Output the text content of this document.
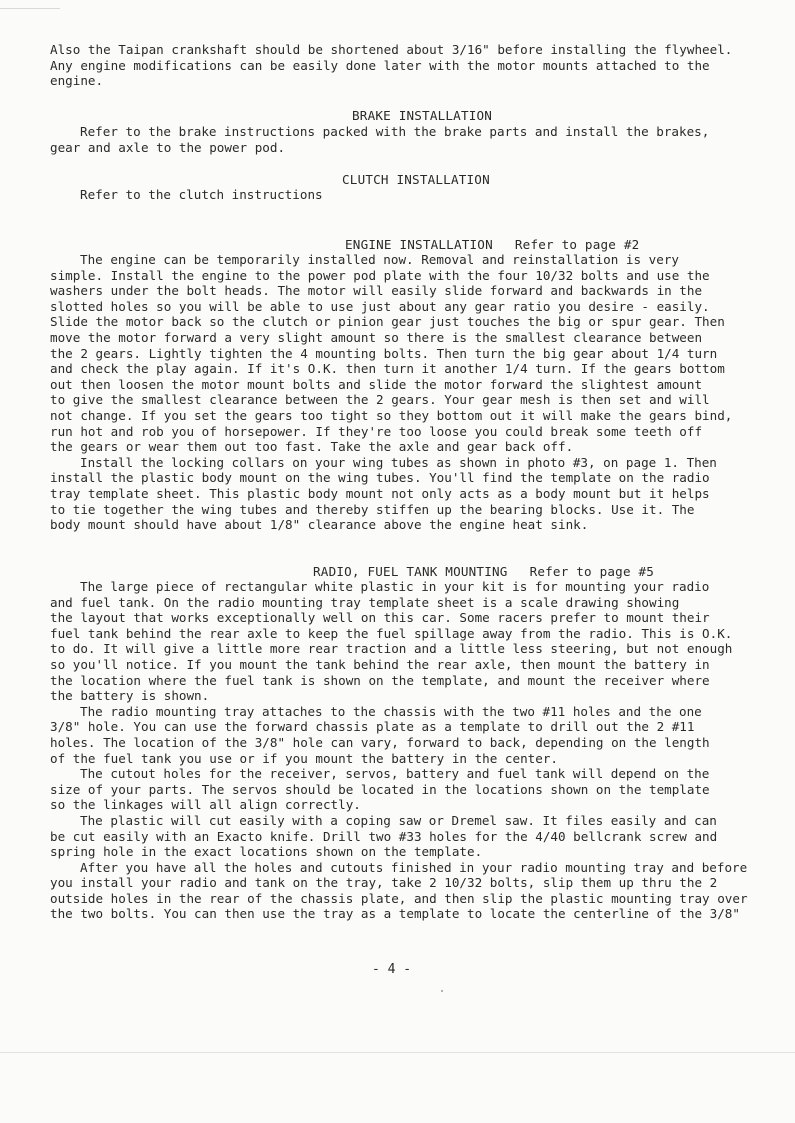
Also the Taipan crankshaft should be shortened about 3/16" before installing the flywheel.
Any engine modifications can be easily done later with the motor mounts attached to the
engine.
BRAKE INSTALLATION
Refer to the brake instructions packed with the brake parts and install the brakes,
gear and axle to the power pod.
CLUTCH INSTALLATION
Refer to the clutch instructions
ENGINE INSTALLATION Refer to page #2
The engine can be temporarily installed now. Removal and reinstallation is very
simple. Install the engine to the power pod plate with the four 10/32 bolts and use the
washers under the bolt heads. The motor will easily slide forward and backwards in the
slotted holes so you will be able to use just about any gear ratio you desire - easily.
Slide the motor back so the clutch or pinion gear just touches the big or spur gear. Then
move the motor forward a very slight amount so there is the smallest clearance between
the 2 gears. Lightly tighten the 4 mounting bolts. Then turn the big gear about 1/4 turn
and check the play again. If it's O.K. then turn it another 1/4 turn. If the gears bottom
out then loosen the motor mount bolts and slide the motor forward the slightest amount
to give the smallest clearance between the 2 gears. Your gear mesh is then set and will
not change. If you set the gears too tight so they bottom out it will make the gears bind,
run hot and rob you of horsepower. If they're too loose you could break some teeth off
the gears or wear them out too fast. Take the axle and gear back off.
Install the locking collars on your wing tubes as shown in photo #3, on page 1. Then
install the plastic body mount on the wing tubes. You'll find the template on the radio
tray template sheet. This plastic body mount not only acts as a body mount but it helps
to tie together the wing tubes and thereby stiffen up the bearing blocks. Use it. The
body mount should have about 1/8" clearance above the engine heat sink.
RADIO, FUEL TANK MOUNTING Refer to page #5
The large piece of rectangular white plastic in your kit is for mounting your radio
and fuel tank. On the radio mounting tray template sheet is a scale drawing showing
the layout that works exceptionally well on this car. Some racers prefer to mount their
fuel tank behind the rear axle to keep the fuel spillage away from the radio. This is O.K.
to do. It will give a little more rear traction and a little less steering, but not enough
so you'll notice. If you mount the tank behind the rear axle, then mount the battery in
the location where the fuel tank is shown on the template, and mount the receiver where
the battery is shown.
The radio mounting tray attaches to the chassis with the two #11 holes and the one
3/8" hole. You can use the forward chassis plate as a template to drill out the 2 #11
holes. The location of the 3/8" hole can vary, forward to back, depending on the length
of the fuel tank you use or if you mount the battery in the center.
The cutout holes for the receiver, servos, battery and fuel tank will depend on the
size of your parts. The servos should be located in the locations shown on the template
so the linkages will all align correctly.
The plastic will cut easily with a coping saw or Dremel saw. It files easily and can
be cut easily with an Exacto knife. Drill two #33 holes for the 4/40 bellcrank screw and
spring hole in the exact locations shown on the template.
After you have all the holes and cutouts finished in your radio mounting tray and before
you install your radio and tank on the tray, take 2 10/32 bolts, slip them up thru the 2
outside holes in the rear of the chassis plate, and then slip the plastic mounting tray over
the two bolts. You can then use the tray as a template to locate the centerline of the 3/8"
- 4 -
